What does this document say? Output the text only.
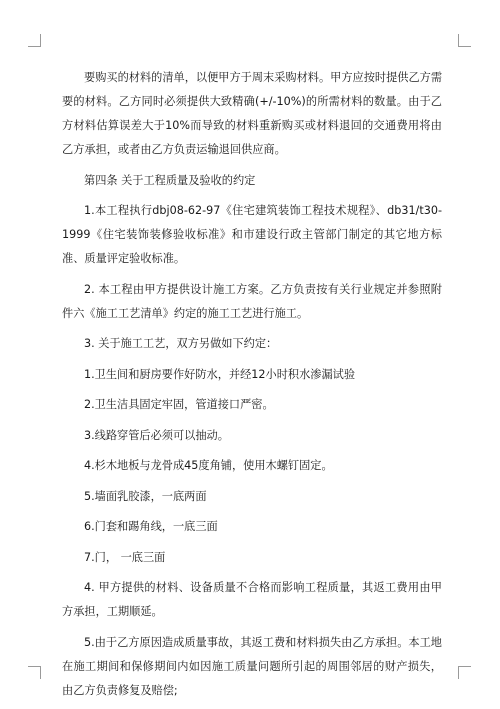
要购买的材料的清单，以便甲方于周末采购材料。甲方应按时提供乙方需要的材料。乙方同时必须提供大致精确(+/-10%)的所需材料的数量。由于乙方材料估算误差大于10%而导致的材料重新购买或材料退回的交通费用将由乙方承担，或者由乙方负责运输退回供应商。

第四条 关于工程质量及验收的约定

1.本工程执行dbj08-62-97《住宅建筑装饰工程技术规程》、db31/t30-1999《住宅装饰装修验收标准》和市建设行政主管部门制定的其它地方标准、质量评定验收标准。

2. 本工程由甲方提供设计施工方案。乙方负责按有关行业规定并参照附件六《施工工艺清单》约定的施工工艺进行施工。

3. 关于施工工艺，双方另做如下约定：

1.卫生间和厨房要作好防水，并经12小时积水渗漏试验

2.卫生洁具固定牢固，管道接口严密。

3.线路穿管后必须可以抽动。

4.杉木地板与龙骨成45度角铺，使用木螺钉固定。

5.墙面乳胶漆，一底两面

6.门套和踢角线，一底三面

7.门， 一底三面

4. 甲方提供的材料、设备质量不合格而影响工程质量，其返工费用由甲方承担，工期顺延。

5.由于乙方原因造成质量事故，其返工费和材料损失由乙方承担。本工地在施工期间和保修期间内如因施工质量问题所引起的周围邻居的财产损失，由乙方负责修复及赔偿;
